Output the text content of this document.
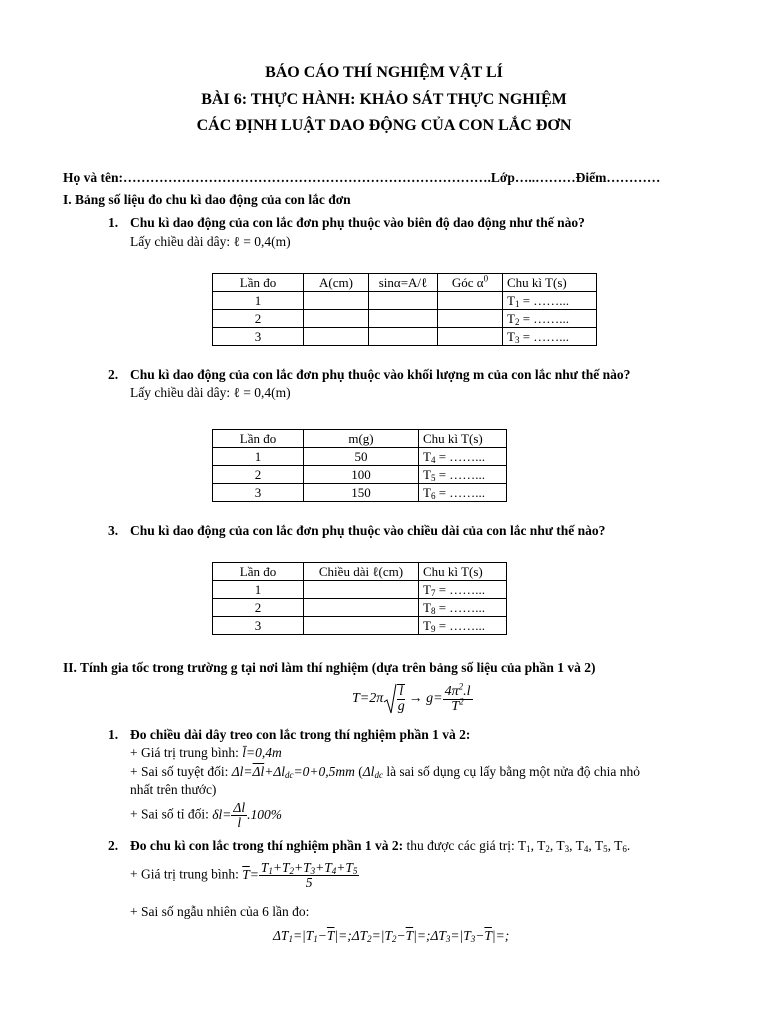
BÁO CÁO THÍ NGHIỆM VẬT LÍ
BÀI 6: THỰC HÀNH: KHẢO SÁT THỰC NGHIỆM
CÁC ĐỊNH LUẬT DAO ĐỘNG CỦA CON LẮC ĐƠN
Họ và tên:……………………………………………………………………….Lớp…..………Điểm…………
I. Bảng số liệu đo chu kì dao động của con lắc đơn
1. Chu kì dao động của con lắc đơn phụ thuộc vào biên độ dao động như thế nào?
Lấy chiều dài dây: ℓ = 0,4(m)
Lần đo	A(cm)	sinα=A/ℓ	Góc $\alpha^0$	Chu kì T(s)
1				$T_1$ = ……...
2				$T_2$ = ……...
3				$T_3$ = ……...
2. Chu kì dao động của con lắc đơn phụ thuộc vào khối lượng m của con lắc như thế nào?
Lấy chiều dài dây: ℓ = 0,4(m)
Lần đo	m(g)	Chu kì T(s)
1	50	$T_4$ = ……...
2	100	$T_5$ = ……...
3	150	$T_6$ = ……...
3. Chu kì dao động của con lắc đơn phụ thuộc vào chiều dài của con lắc như thế nào?
Lần đo	Chiều dài ℓ(cm)	Chu kì T(s)
1		$T_7$ = ……...
2		$T_8$ = ……...
3		$T_9$ = ……...
II. Tính gia tốc trong trường g tại nơi làm thí nghiệm (dựa trên bảng số liệu của phần 1 và 2)
$T=2\pi \frac{l}{g} \to g= \frac{4\pi^2.l}{T^2}$
1. Đo chiều dài dây treo con lắc trong thí nghiệm phần 1 và 2:
+ Giá trị trung bình: l̄=0,4m
+ Sai số tuyệt đối: $\Delta l=\overline{\Delta l}+\Delta l_{dc}=0+0,5mm$ ($\Delta l_{dc}$ là sai số dụng cụ lấy bằng một nửa độ chia nhỏ
nhất trên thước)
+ Sai số tỉ đối: $\delta l= \frac{\Delta l}{l} .100\%$
2. Đo chu kì con lắc trong thí nghiệm phần 1 và 2: thu được các giá trị: $T_1$, $T_2$, $T_3$, $T_4$, $T_5$, $T_6$.
+ Giá trị trung bình: $\overline{T}= \frac{T_1+T_2+T_3+T_4+T_5}{5}$
+ Sai số ngẫu nhiên của 6 lần đo:
$\Delta T_1=|T_1-\overline{T}|=;\Delta T_2=|T_2-\overline{T}|=;\Delta T_3=|T_3-\overline{T}|=$;
